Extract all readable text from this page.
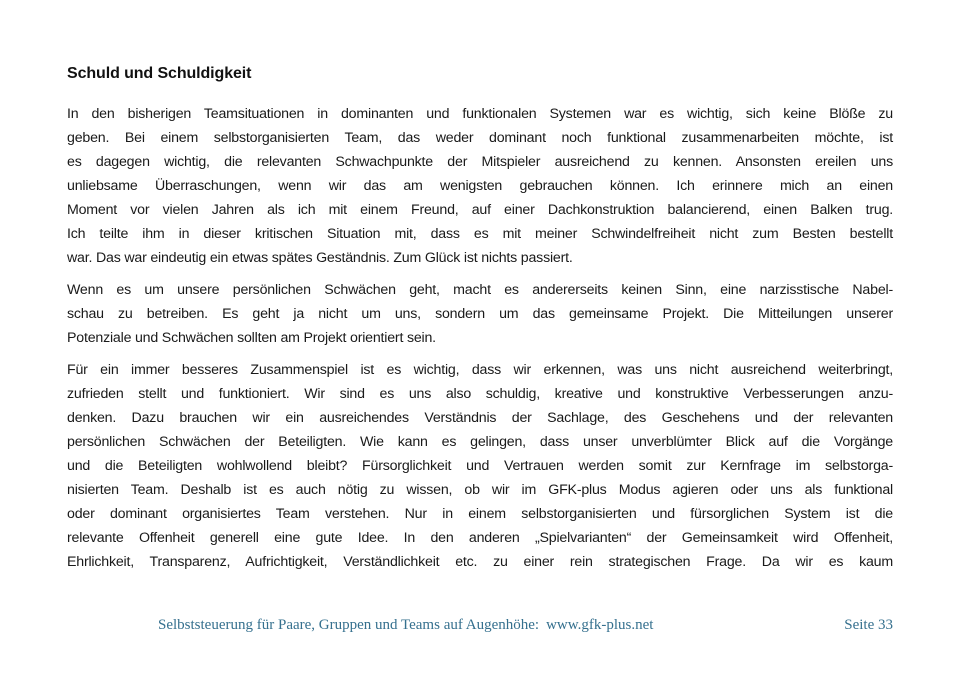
Schuld und Schuldigkeit
In den bisherigen Teamsituationen in dominanten und funktionalen Systemen war es wichtig, sich keine Blöße zu
geben. Bei einem selbstorganisierten Team, das weder dominant noch funktional zusammenarbeiten möchte, ist
es dagegen wichtig, die relevanten Schwachpunkte der Mitspieler ausreichend zu kennen. Ansonsten ereilen uns
unliebsame Überraschungen, wenn wir das am wenigsten gebrauchen können. Ich erinnere mich an einen
Moment vor vielen Jahren als ich mit einem Freund, auf einer Dachkonstruktion balancierend, einen Balken trug.
Ich teilte ihm in dieser kritischen Situation mit, dass es mit meiner Schwindelfreiheit nicht zum Besten bestellt
war. Das war eindeutig ein etwas spätes Geständnis. Zum Glück ist nichts passiert.
Wenn es um unsere persönlichen Schwächen geht, macht es andererseits keinen Sinn, eine narzisstische Nabel-
schau zu betreiben. Es geht ja nicht um uns, sondern um das gemeinsame Projekt. Die Mitteilungen unserer
Potenziale und Schwächen sollten am Projekt orientiert sein.
Für ein immer besseres Zusammenspiel ist es wichtig, dass wir erkennen, was uns nicht ausreichend weiterbringt,
zufrieden stellt und funktioniert. Wir sind es uns also schuldig, kreative und konstruktive Verbesserungen anzu-
denken. Dazu brauchen wir ein ausreichendes Verständnis der Sachlage, des Geschehens und der relevanten
persönlichen Schwächen der Beteiligten. Wie kann es gelingen, dass unser unverblümter Blick auf die Vorgänge
und die Beteiligten wohlwollend bleibt? Fürsorglichkeit und Vertrauen werden somit zur Kernfrage im selbstorga-
nisierten Team. Deshalb ist es auch nötig zu wissen, ob wir im GFK-plus Modus agieren oder uns als funktional
oder dominant organisiertes Team verstehen. Nur in einem selbstorganisierten und fürsorglichen System ist die
relevante Offenheit generell eine gute Idee. In den anderen „Spielvarianten“ der Gemeinsamkeit wird Offenheit,
Ehrlichkeit, Transparenz, Aufrichtigkeit, Verständlichkeit etc. zu einer rein strategischen Frage. Da wir es kaum
Selbststeuerung für Paare, Gruppen und Teams auf Augenhöhe: www.gfk-plus.net	Seite 33
